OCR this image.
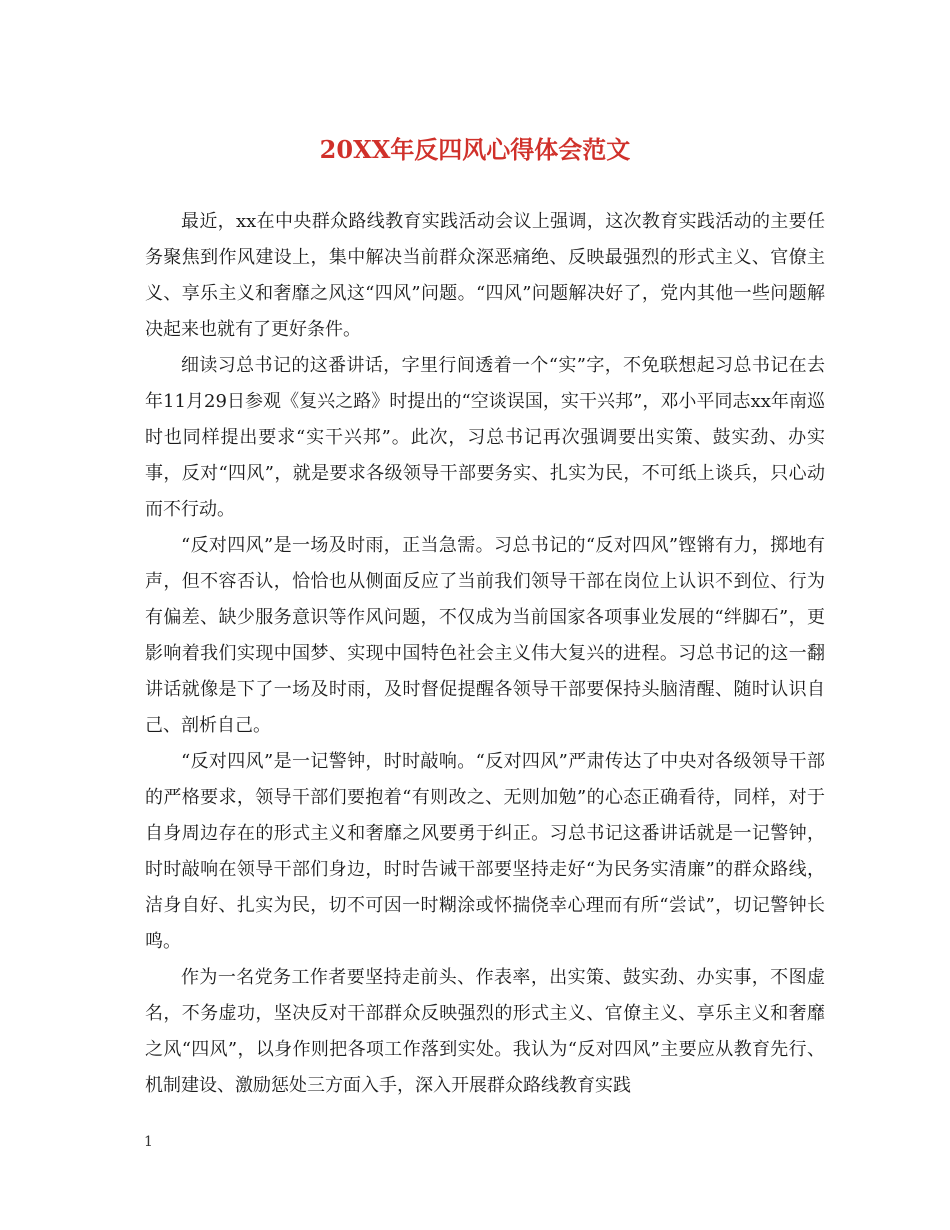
20XX年反四风心得体会范文

最近，xx在中央群众路线教育实践活动会议上强调，这次教育实践活动的主要任务聚焦到作风建设上，集中解决当前群众深恶痛绝、反映最强烈的形式主义、官僚主义、享乐主义和奢靡之风这“四风”问题。“四风”问题解决好了，党内其他一些问题解决起来也就有了更好条件。

细读习总书记的这番讲话，字里行间透着一个“实”字，不免联想起习总书记在去年11月29日参观《复兴之路》时提出的“空谈误国，实干兴邦”，邓小平同志xx年南巡时也同样提出要求“实干兴邦”。此次，习总书记再次强调要出实策、鼓实劲、办实事，反对“四风”，就是要求各级领导干部要务实、扎实为民，不可纸上谈兵，只心动而不行动。

“反对四风”是一场及时雨，正当急需。习总书记的“反对四风”铿锵有力，掷地有声，但不容否认，恰恰也从侧面反应了当前我们领导干部在岗位上认识不到位、行为有偏差、缺少服务意识等作风问题，不仅成为当前国家各项事业发展的“绊脚石”，更影响着我们实现中国梦、实现中国特色社会主义伟大复兴的进程。习总书记的这一翻讲话就像是下了一场及时雨，及时督促提醒各领导干部要保持头脑清醒、随时认识自己、剖析自己。

“反对四风”是一记警钟，时时敲响。“反对四风”严肃传达了中央对各级领导干部的严格要求，领导干部们要抱着“有则改之、无则加勉”的心态正确看待，同样，对于自身周边存在的形式主义和奢靡之风要勇于纠正。习总书记这番讲话就是一记警钟，时时敲响在领导干部们身边，时时告诫干部要坚持走好“为民务实清廉”的群众路线，洁身自好、扎实为民，切不可因一时糊涂或怀揣侥幸心理而有所“尝试”，切记警钟长鸣。

作为一名党务工作者要坚持走前头、作表率，出实策、鼓实劲、办实事，不图虚名，不务虚功，坚决反对干部群众反映强烈的形式主义、官僚主义、享乐主义和奢靡之风“四风”，以身作则把各项工作落到实处。我认为“反对四风”主要应从教育先行、机制建设、激励惩处三方面入手，深入开展群众路线教育实践

1
